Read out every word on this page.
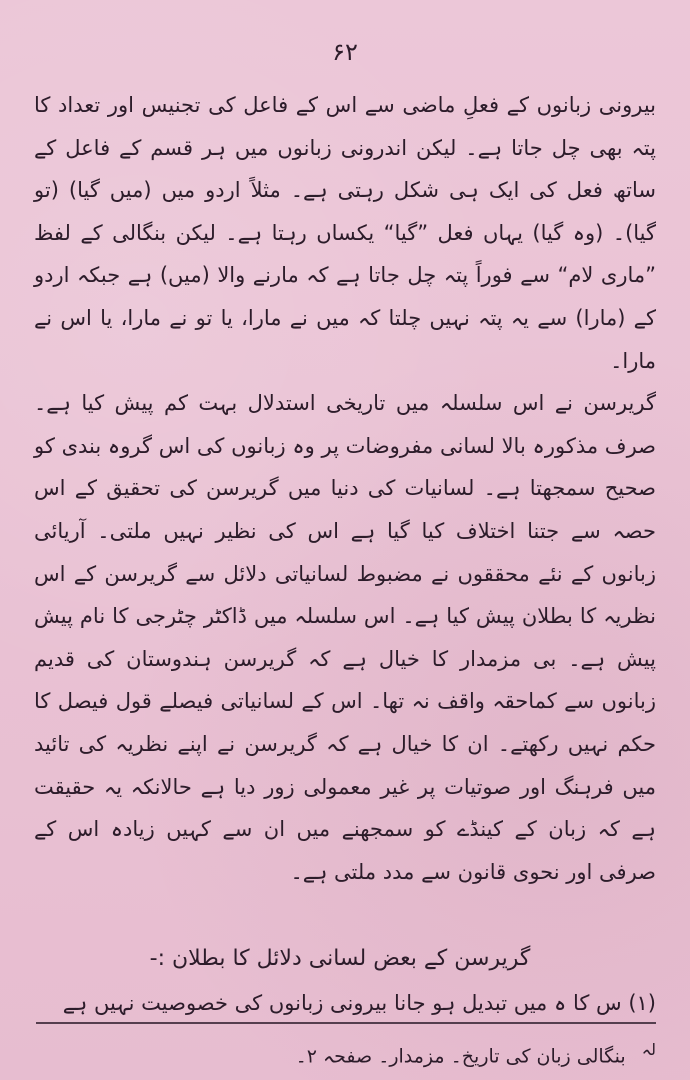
۶۲

بیرونی زبانوں کے فعلِ ماضی سے اس کے فاعل کی تجنیس اور تعداد کا پتہ بھی چل جاتا ہے۔ لیکن اندرونی زبانوں میں ہر قسم کے فاعل کے ساتھ فعل کی ایک ہی شکل رہتی ہے۔ مثلاً اردو میں (میں گیا) (تو گیا)۔ (وہ گیا) یہاں فعل ”گیا“ یکساں رہتا ہے۔ لیکن بنگالی کے لفظ ”ماری لام“ سے فوراً پتہ چل جاتا ہے کہ مارنے والا (میں) ہے جبکہ اردو کے (مارا) سے یہ پتہ نہیں چلتا کہ میں نے مارا، یا تو نے مارا، یا اس نے مارا۔

گریرسن نے اس سلسلہ میں تاریخی استدلال بہت کم پیش کیا ہے۔ صرف مذکورہ بالا لسانی مفروضات پر وہ زبانوں کی اس گروہ بندی کو صحیح سمجھتا ہے۔ لسانیات کی دنیا میں گریرسن کی تحقیق کے اس حصہ سے جتنا اختلاف کیا گیا ہے اس کی نظیر نہیں ملتی۔ آریائی زبانوں کے نئے محققوں نے مضبوط لسانیاتی دلائل سے گریرسن کے اس نظریہ کا بطلان پیش کیا ہے۔ اس سلسلہ میں ڈاکٹر چٹرجی کا نام پیش پیش ہے۔ بی مزمدار کا خیال ہے کہ گریرسن ہندوستان کی قدیم زبانوں سے کماحقہ واقف نہ تھا۔ اس کے لسانیاتی فیصلے قول فیصل کا حکم نہیں رکھتے۔ ان کا خیال ہے کہ گریرسن نے اپنے نظریہ کی تائید میں فرہنگ اور صوتیات پر غیر معمولی زور دیا ہے حالانکہ یہ حقیقت ہے کہ زبان کے کینڈے کو سمجھنے میں ان سے کہیں زیادہ اس کے صرفی اور نحوی قانون سے مدد ملتی ہے۔

گریرسن کے بعض لسانی دلائل کا بطلان :-
(۱) س کا ہ میں تبدیل ہو جانا بیرونی زبانوں کی خصوصیت نہیں ہے
لہ بنگالی زبان کی تاریخ۔ مزمدار۔ صفحہ ۲۔
